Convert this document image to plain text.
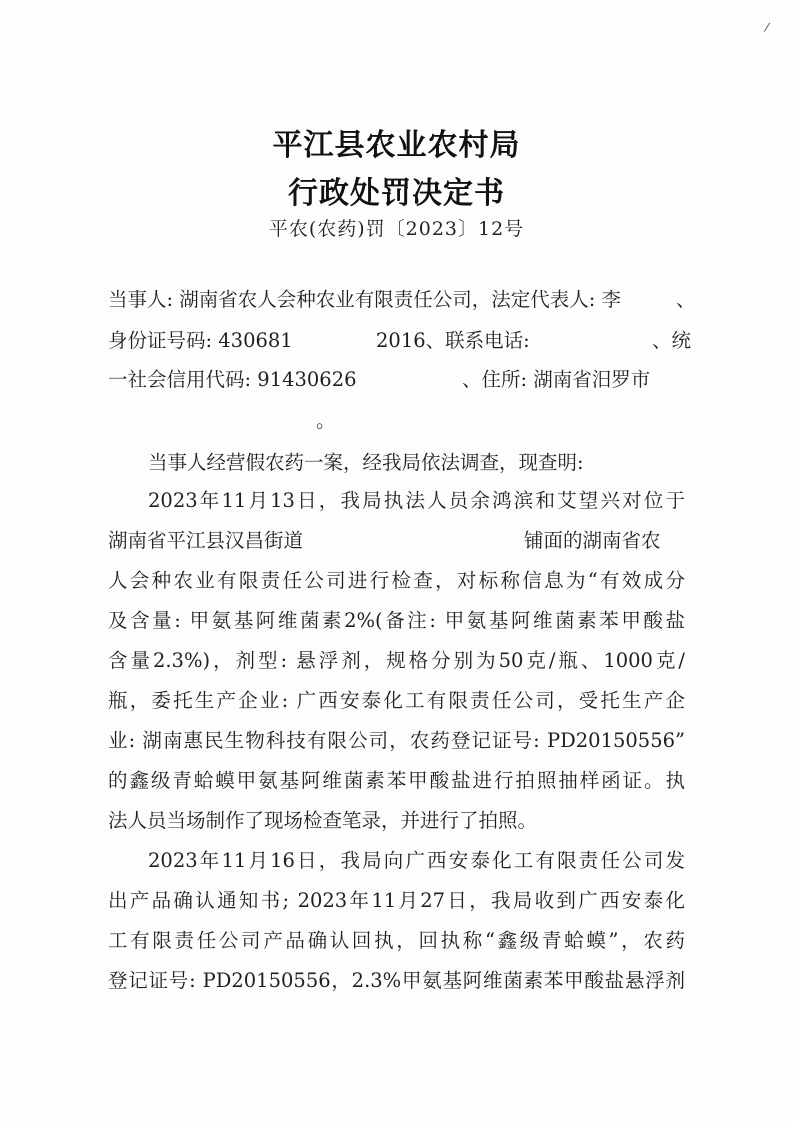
/
平江县农业农村局
行政处罚决定书
平农(农药)罚〔2023〕12号
当事人: 湖南省农人会种农业有限责任公司，法定代表人: 李	、
身份证号码: 430681	2016、联系电话:	、统
一社会信用代码: 91430626	、住所: 湖南省汨罗市
。
当事人经营假农药一案，经我局依法调查，现查明:
2023年11月13日，我局执法人员余鸿滨和艾望兴对位于
湖南省平江县汉昌街道	铺面的湖南省农
人会种农业有限责任公司进行检查，对标称信息为“有效成分
及含量: 甲氨基阿维菌素2%(备注: 甲氨基阿维菌素苯甲酸盐
含量2.3%)，剂型: 悬浮剂，规格分别为50克/瓶、1000克/
瓶，委托生产企业: 广西安泰化工有限责任公司，受托生产企
业: 湖南惠民生物科技有限公司，农药登记证号: PD20150556”
的鑫级青蛤蟆甲氨基阿维菌素苯甲酸盐进行拍照抽样函证。执
法人员当场制作了现场检查笔录，并进行了拍照。
2023年11月16日，我局向广西安泰化工有限责任公司发
出产品确认通知书; 2023年11月27日，我局收到广西安泰化
工有限责任公司产品确认回执，回执称“鑫级青蛤蟆”，农药
登记证号: PD20150556，2.3%甲氨基阿维菌素苯甲酸盐悬浮剂
